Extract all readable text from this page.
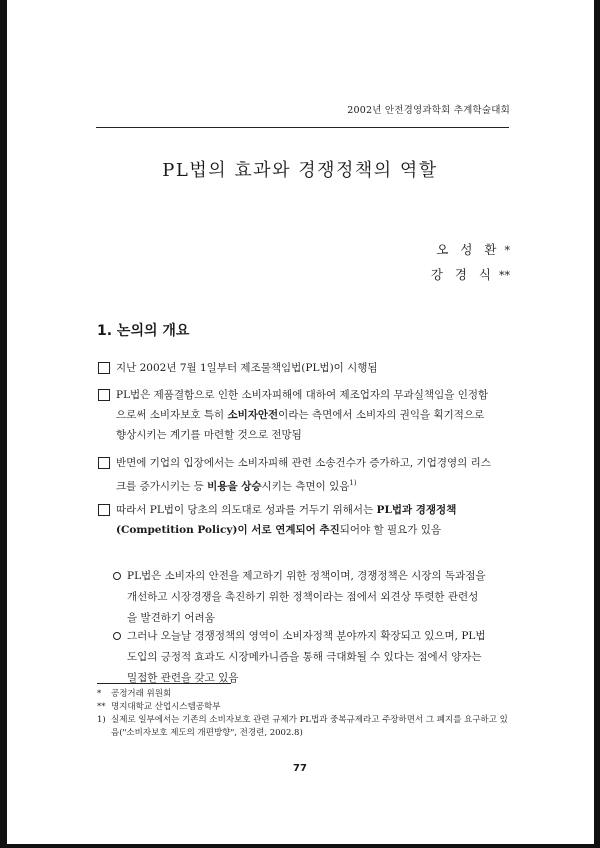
2002년 안전경영과학회 추계학술대회
PL법의 효과와 경쟁정책의 역할
오 성 환 *
강 경 식 **
1. 논의의 개요
지난 2002년 7월 1일부터 제조물책임법(PL법)이 시행됨
PL법은 제품결함으로 인한 소비자피해에 대하여 제조업자의 무과실책임을 인정함
으로써 소비자보호 특히 소비자안전이라는 측면에서 소비자의 권익을 획기적으로
향상시키는 계기를 마련할 것으로 전망됨
반면에 기업의 입장에서는 소비자피해 관련 소송건수가 증가하고, 기업경영의 리스
크를 증가시키는 등 비용을 상승시키는 측면이 있음$^{1)}$
따라서 PL법이 당초의 의도대로 성과를 거두기 위해서는 PL법과 경쟁정책
(Competition Policy)이 서로 연계되어 추진되어야 할 필요가 있음
PL법은 소비자의 안전을 제고하기 위한 정책이며, 경쟁정책은 시장의 독과점을
개선하고 시장경쟁을 촉진하기 위한 정책이라는 점에서 외견상 뚜렷한 관련성
을 발견하기 어려움
그러나 오늘날 경쟁정책의 영역이 소비자정책 분야까지 확장되고 있으며, PL법
도입의 긍정적 효과도 시장메카니즘을 통해 극대화될 수 있다는 점에서 양자는
밀접한 관련을 갖고 있음
* 공정거래 위원회
** 명지대학교 산업시스템공학부
1) 실제로 일부에서는 기존의 소비자보호 관련 규제가 PL법과 중복규제라고 주장하면서 그 폐지를 요구하고 있음("소비자보호 제도의 개편방향", 전경련, 2002.8)
77
